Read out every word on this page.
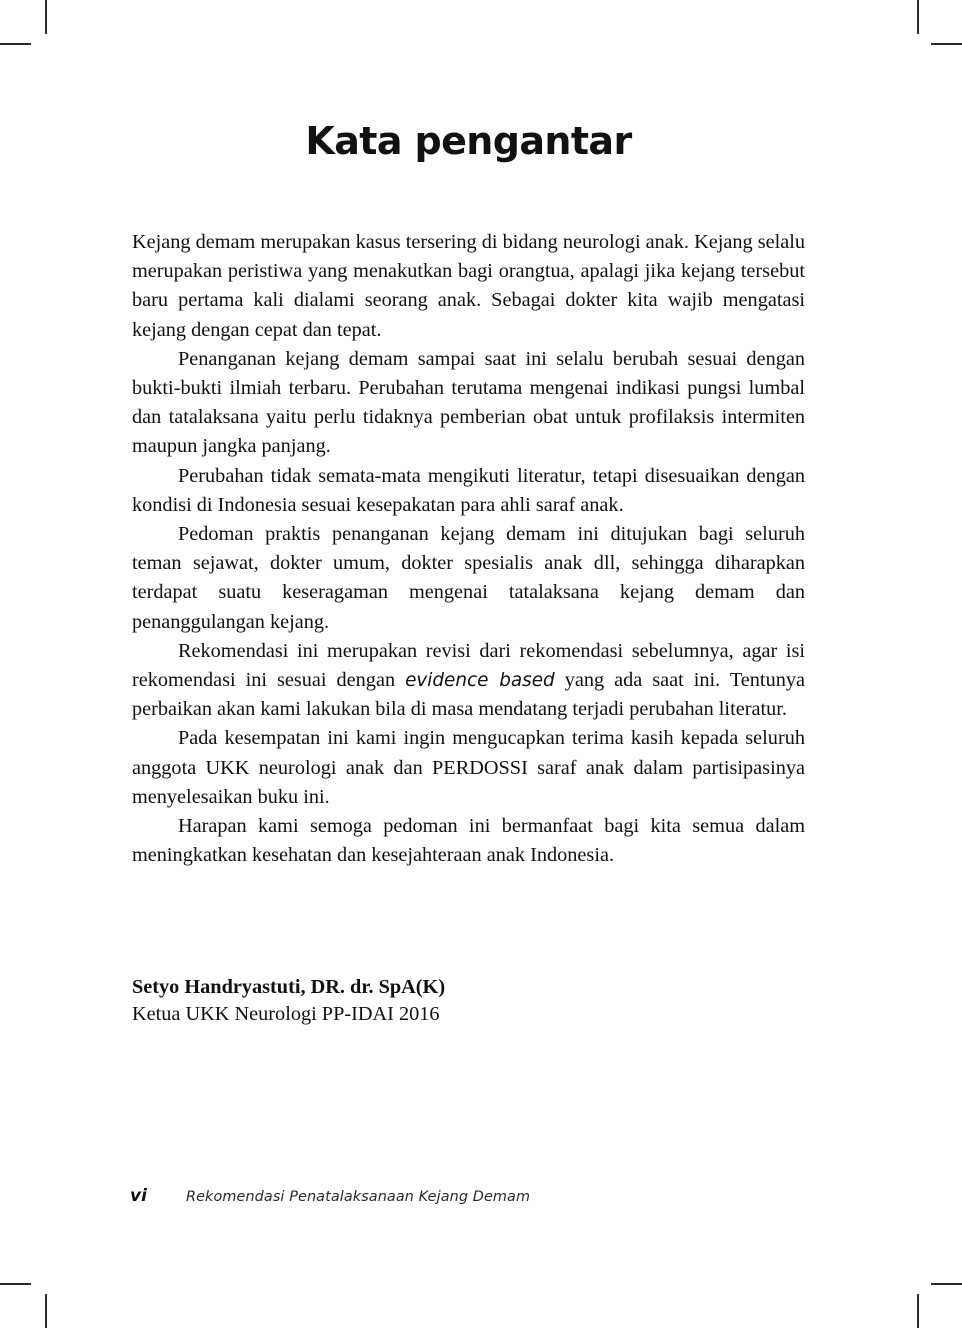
Kata pengantar

Kejang demam merupakan kasus tersering di bidang neurologi anak. Kejang selalu merupakan peristiwa yang menakutkan bagi orangtua, apalagi jika kejang tersebut baru pertama kali dialami seorang anak. Sebagai dokter kita wajib mengatasi kejang dengan cepat dan tepat.

Penanganan kejang demam sampai saat ini selalu berubah sesuai dengan bukti-bukti ilmiah terbaru. Perubahan terutama mengenai indikasi pungsi lumbal dan tatalaksana yaitu perlu tidaknya pemberian obat untuk profilaksis intermiten maupun jangka panjang.

Perubahan tidak semata-mata mengikuti literatur, tetapi disesuaikan dengan kondisi di Indonesia sesuai kesepakatan para ahli saraf anak.

Pedoman praktis penanganan kejang demam ini ditujukan bagi seluruh teman sejawat, dokter umum, dokter spesialis anak dll, sehingga diharapkan terdapat suatu keseragaman mengenai tatalaksana kejang demam dan penanggulangan kejang.

Rekomendasi ini merupakan revisi dari rekomendasi sebelumnya, agar isi rekomendasi ini sesuai dengan evidence based yang ada saat ini. Tentunya perbaikan akan kami lakukan bila di masa mendatang terjadi perubahan literatur.

Pada kesempatan ini kami ingin mengucapkan terima kasih kepada seluruh anggota UKK neurologi anak dan PERDOSSI saraf anak dalam partisipasinya menyelesaikan buku ini.

Harapan kami semoga pedoman ini bermanfaat bagi kita semua dalam meningkatkan kesehatan dan kesejahteraan anak Indonesia.

Setyo Handryastuti, DR. dr. SpA(K)

Ketua UKK Neurologi PP-IDAI 2016

vi	Rekomendasi Penatalaksanaan Kejang Demam
